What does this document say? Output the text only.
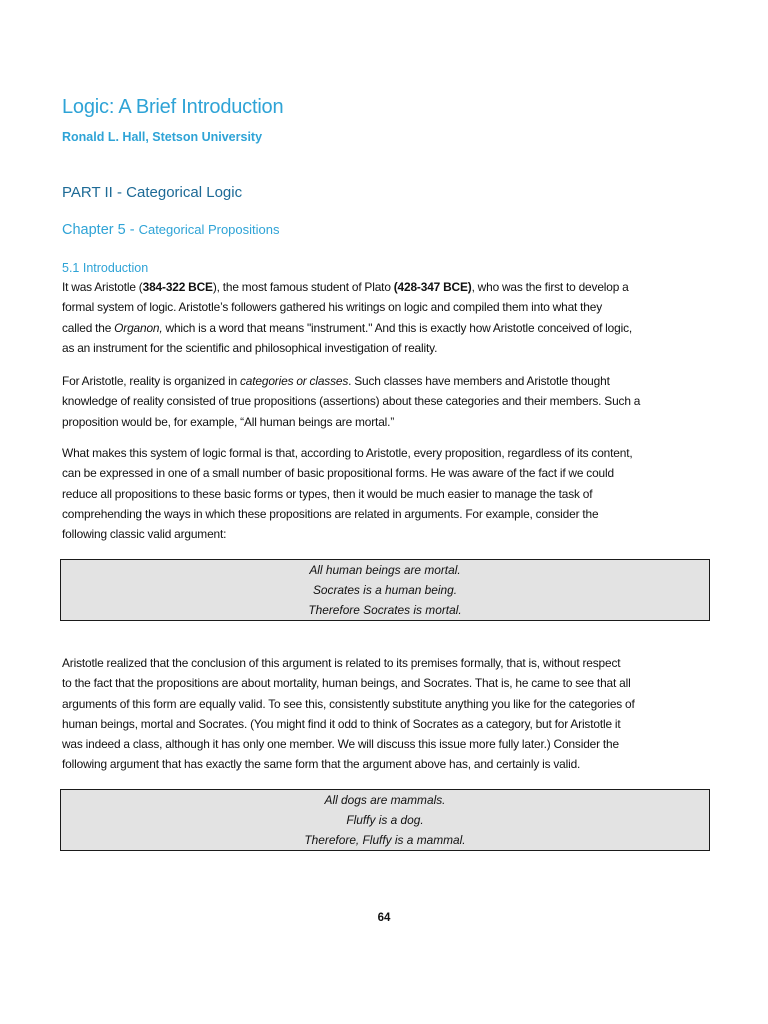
Logic: A Brief Introduction
Ronald L. Hall, Stetson University
PART II - Categorical Logic
Chapter 5 - Categorical Propositions
5.1 Introduction
It was Aristotle (384-322 BCE), the most famous student of Plato (428-347 BCE), who was the first to develop a
formal system of logic. Aristotle’s followers gathered his writings on logic and compiled them into what they
called the Organon, which is a word that means "instrument." And this is exactly how Aristotle conceived of logic,
as an instrument for the scientific and philosophical investigation of reality.
For Aristotle, reality is organized in categories or classes. Such classes have members and Aristotle thought
knowledge of reality consisted of true propositions (assertions) about these categories and their members. Such a
proposition would be, for example, “All human beings are mortal.”
What makes this system of logic formal is that, according to Aristotle, every proposition, regardless of its content,
can be expressed in one of a small number of basic propositional forms. He was aware of the fact if we could
reduce all propositions to these basic forms or types, then it would be much easier to manage the task of
comprehending the ways in which these propositions are related in arguments. For example, consider the
following classic valid argument:
All human beings are mortal.
Socrates is a human being.
Therefore Socrates is mortal.
Aristotle realized that the conclusion of this argument is related to its premises formally, that is, without respect
to the fact that the propositions are about mortality, human beings, and Socrates. That is, he came to see that all
arguments of this form are equally valid. To see this, consistently substitute anything you like for the categories of
human beings, mortal and Socrates. (You might find it odd to think of Socrates as a category, but for Aristotle it
was indeed a class, although it has only one member. We will discuss this issue more fully later.) Consider the
following argument that has exactly the same form that the argument above has, and certainly is valid.
All dogs are mammals.
Fluffy is a dog.
Therefore, Fluffy is a mammal.
64
